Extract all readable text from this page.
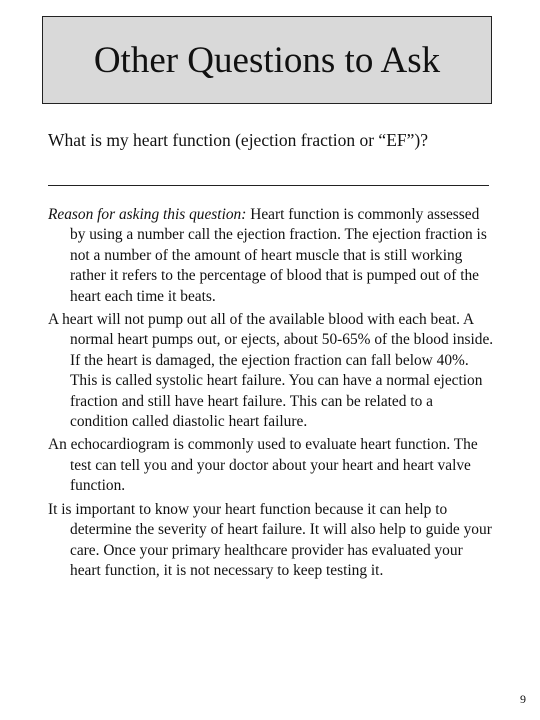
Other Questions to Ask

What is my heart function (ejection fraction or “EF”)?

Reason for asking this question: Heart function is commonly assessed by using a number call the ejection fraction. The ejection fraction is not a number of the amount of heart muscle that is still working rather it refers to the percentage of blood that is pumped out of the heart each time it beats.

A heart will not pump out all of the available blood with each beat. A normal heart pumps out, or ejects, about 50-65% of the blood inside. If the heart is damaged, the ejection fraction can fall below 40%. This is called systolic heart failure. You can have a normal ejection fraction and still have heart failure. This can be related to a condition called diastolic heart failure.

An echocardiogram is commonly used to evaluate heart function. The test can tell you and your doctor about your heart and heart valve function.

It is important to know your heart function because it can help to determine the severity of heart failure. It will also help to guide your care. Once your primary healthcare provider has evaluated your heart function, it is not necessary to keep testing it.

9
